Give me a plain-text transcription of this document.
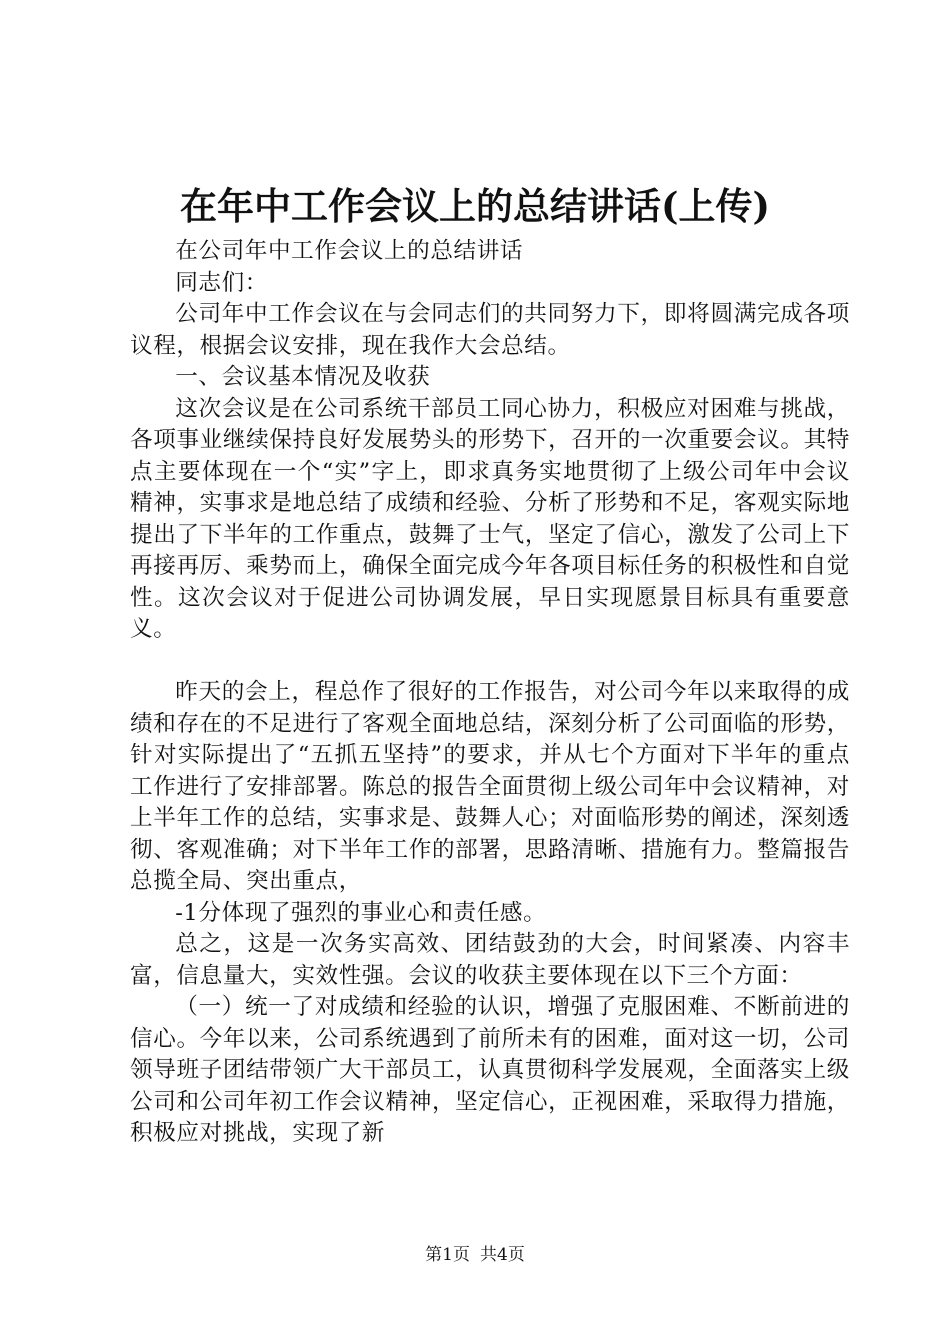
在年中工作会议上的总结讲话(上传)

在公司年中工作会议上的总结讲话

同志们：

公司年中工作会议在与会同志们的共同努力下，即将圆满完成各项议程，根据会议安排，现在我作大会总结。

一、会议基本情况及收获

这次会议是在公司系统干部员工同心协力，积极应对困难与挑战，各项事业继续保持良好发展势头的形势下，召开的一次重要会议。其特点主要体现在一个“实”字上，即求真务实地贯彻了上级公司年中会议精神，实事求是地总结了成绩和经验、分析了形势和不足，客观实际地提出了下半年的工作重点，鼓舞了士气，坚定了信心，激发了公司上下再接再厉、乘势而上，确保全面完成今年各项目标任务的积极性和自觉性。这次会议对于促进公司协调发展，早日实现愿景目标具有重要意义。

昨天的会上，程总作了很好的工作报告，对公司今年以来取得的成绩和存在的不足进行了客观全面地总结，深刻分析了公司面临的形势，针对实际提出了“五抓五坚持”的要求，并从七个方面对下半年的重点工作进行了安排部署。陈总的报告全面贯彻上级公司年中会议精神，对上半年工作的总结，实事求是、鼓舞人心；对面临形势的阐述，深刻透彻、客观准确；对下半年工作的部署，思路清晰、措施有力。整篇报告总揽全局、突出重点，

-1分体现了强烈的事业心和责任感。

总之，这是一次务实高效、团结鼓劲的大会，时间紧凑、内容丰富，信息量大，实效性强。会议的收获主要体现在以下三个方面：

（一）统一了对成绩和经验的认识，增强了克服困难、不断前进的信心。今年以来，公司系统遇到了前所未有的困难，面对这一切，公司领导班子团结带领广大干部员工，认真贯彻科学发展观，全面落实上级公司和公司年初工作会议精神，坚定信心，正视困难，采取得力措施，积极应对挑战，实现了新

第1页 共4页
